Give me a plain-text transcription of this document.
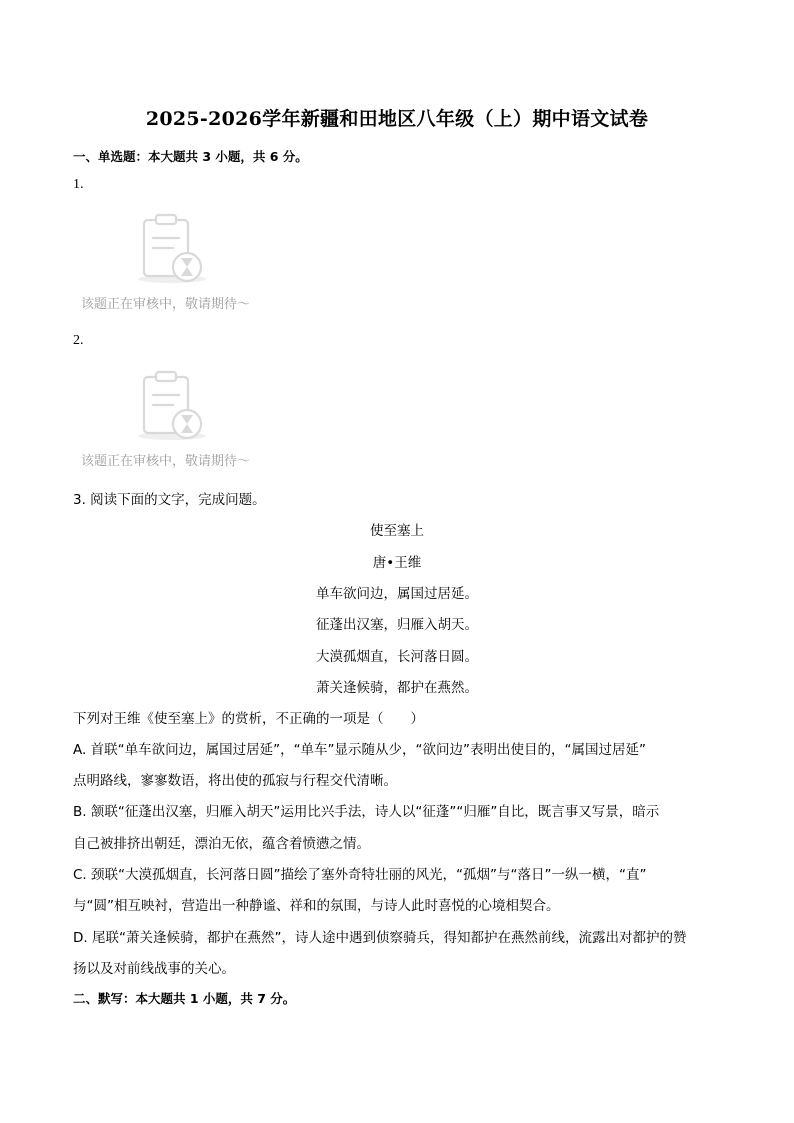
2025-2026学年新疆和田地区八年级（上）期中语文试卷
一、单选题：本大题共 3 小题，共 6 分。
1.
该题正在审核中，敬请期待～
2.
该题正在审核中，敬请期待～
3. 阅读下面的文字，完成问题。
使至塞上
唐•王维
单车欲问边，属国过居延。
征蓬出汉塞，归雁入胡天。
大漠孤烟直，长河落日圆。
萧关逢候骑，都护在燕然。
下列对王维《使至塞上》的赏析，不正确的一项是（　　）
A. 首联“单车欲问边，属国过居延”，“单车”显示随从少，“欲问边”表明出使目的，“属国过居延”
点明路线，寥寥数语，将出使的孤寂与行程交代清晰。
B. 颔联“征蓬出汉塞，归雁入胡天”运用比兴手法，诗人以“征蓬”“归雁”自比，既言事又写景，暗示
自己被排挤出朝廷，漂泊无依，蕴含着愤懑之情。
C. 颈联“大漠孤烟直，长河落日圆”描绘了塞外奇特壮丽的风光，“孤烟”与“落日”一纵一横，“直”
与“圆”相互映衬，营造出一种静谧、祥和的氛围，与诗人此时喜悦的心境相契合。
D. 尾联“萧关逢候骑，都护在燕然”，诗人途中遇到侦察骑兵，得知都护在燕然前线，流露出对都护的赞
扬以及对前线战事的关心。
二、默写：本大题共 1 小题，共 7 分。
